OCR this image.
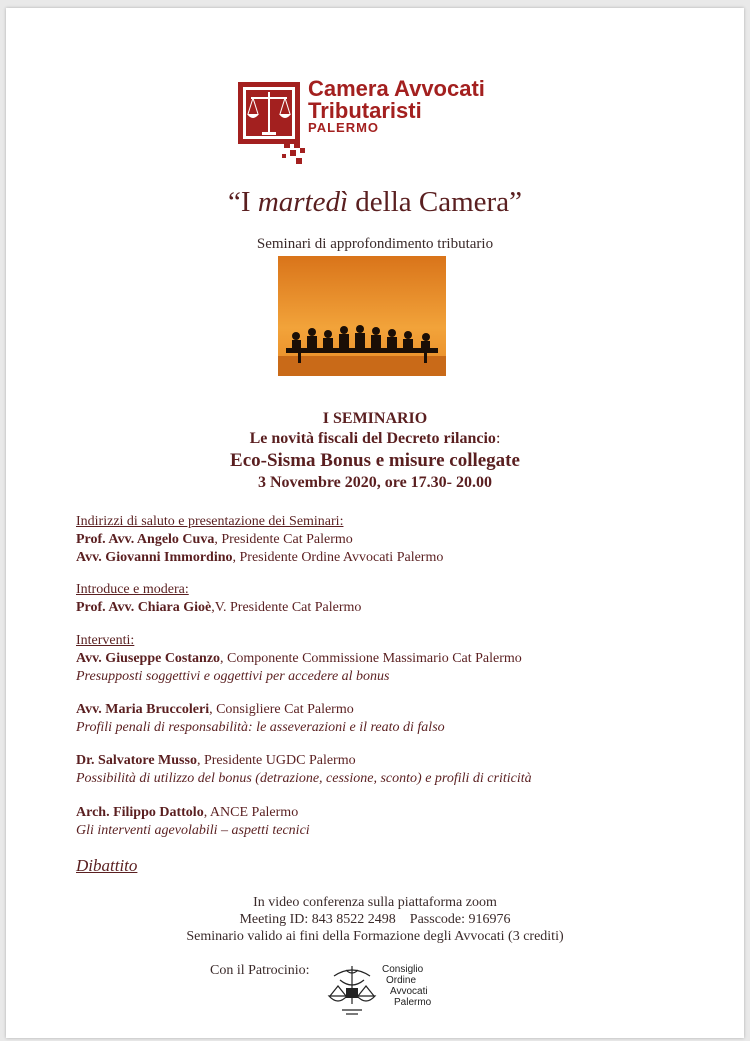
Camera Avvocati
Tributaristi
PALERMO
“I martedì della Camera”
Seminari di approfondimento tributario
I SEMINARIO
Le novità fiscali del Decreto rilancio:
Eco-Sisma Bonus e misure collegate
3 Novembre 2020, ore 17.30- 20.00
Indirizzi di saluto e presentazione dei Seminari:
Prof. Avv. Angelo Cuva, Presidente Cat Palermo
Avv. Giovanni Immordino, Presidente Ordine Avvocati Palermo
Introduce e modera:
Prof. Avv. Chiara Gioè,V. Presidente Cat Palermo
Interventi:
Avv. Giuseppe Costanzo, Componente Commissione Massimario Cat Palermo
Presupposti soggettivi e oggettivi per accedere al bonus
Avv. Maria Bruccoleri, Consigliere Cat Palermo
Profili penali di responsabilità: le asseverazioni e il reato di falso
Dr. Salvatore Musso, Presidente UGDC Palermo
Possibilità di utilizzo del bonus (detrazione, cessione, sconto) e profili di criticità
Arch. Filippo Dattolo, ANCE Palermo
Gli interventi agevolabili – aspetti tecnici
Dibattito
In video conferenza sulla piattaforma zoom
Meeting ID: 843 8522 2498 Passcode: 916976
Seminario valido ai fini della Formazione degli Avvocati (3 crediti)
Con il Patrocinio:	Consiglio
Ordine
Avvocati
Palermo
